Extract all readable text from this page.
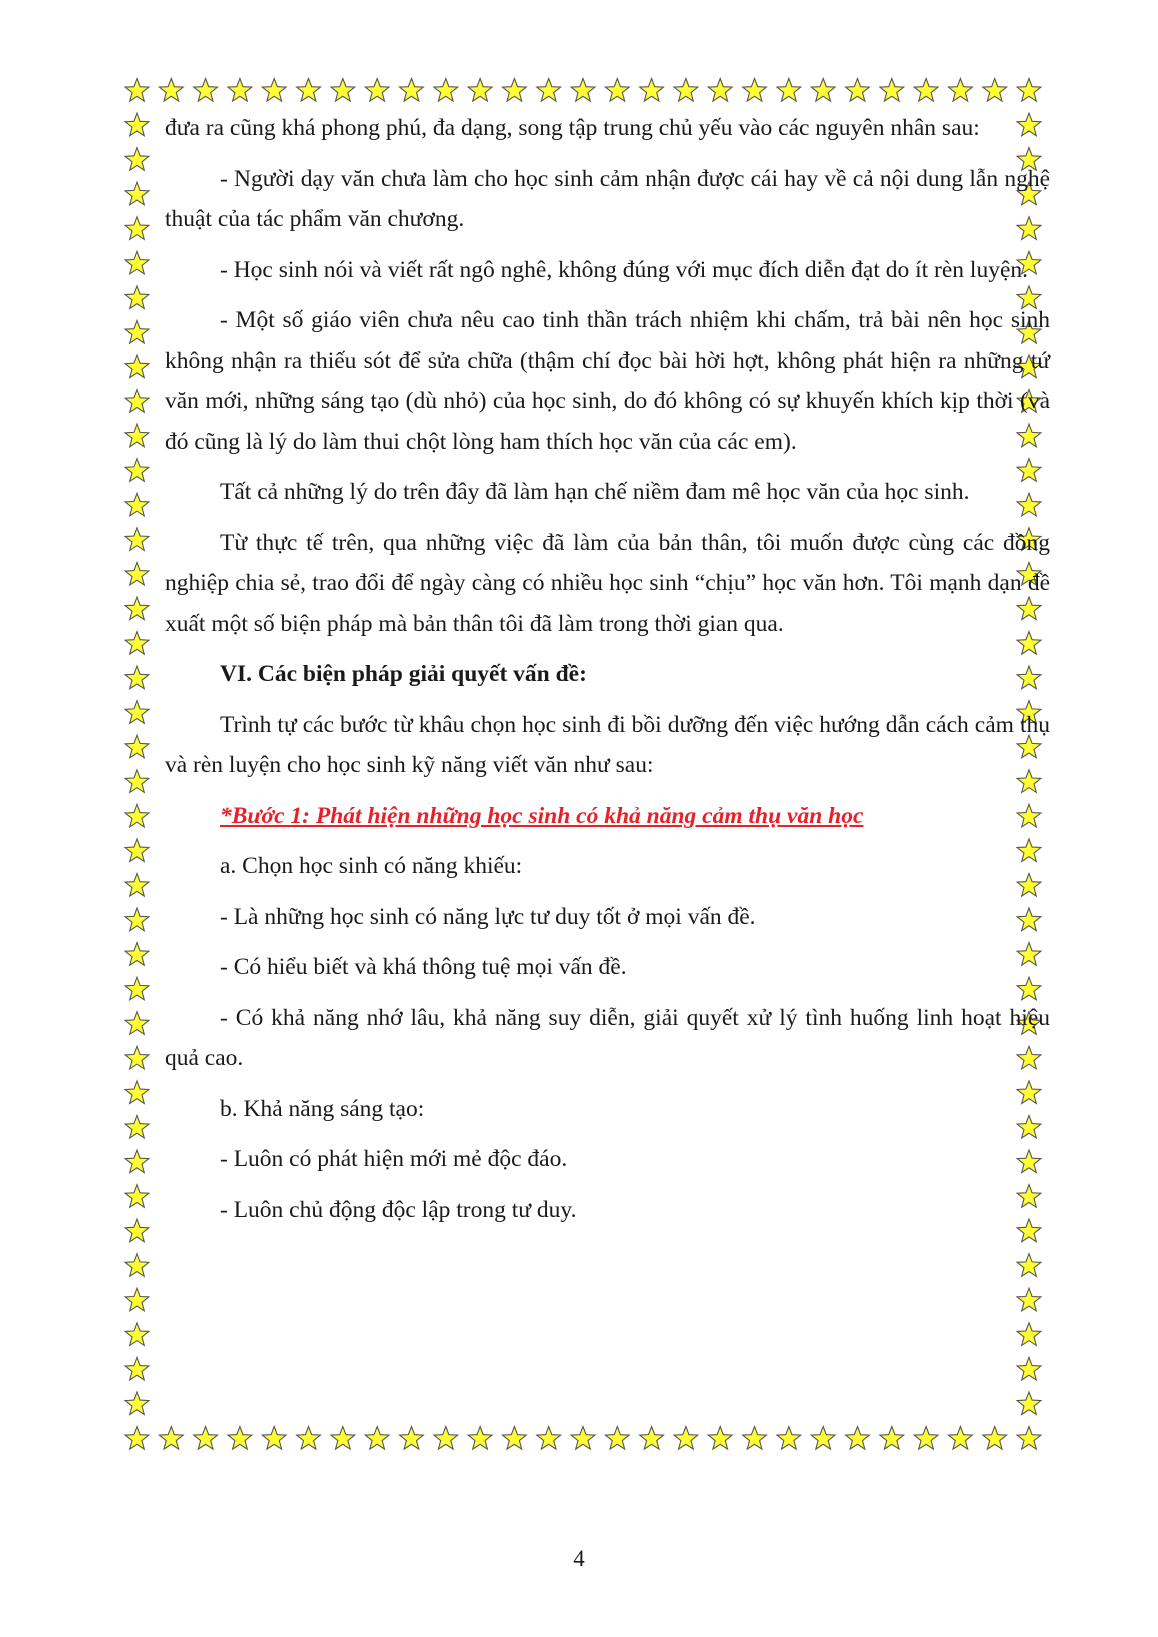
đưa ra cũng khá phong phú, đa dạng, song tập trung chủ yếu vào các nguyên nhân sau:

- Người dạy văn chưa làm cho học sinh cảm nhận được cái hay về cả nội dung lẫn nghệ thuật của tác phẩm văn chương.

- Học sinh nói và viết rất ngô nghê, không đúng với mục đích diễn đạt do ít rèn luyện.

- Một số giáo viên chưa nêu cao tinh thần trách nhiệm khi chấm, trả bài nên học sinh không nhận ra thiếu sót để sửa chữa (thậm chí đọc bài hời hợt, không phát hiện ra những tứ văn mới, những sáng tạo (dù nhỏ) của học sinh, do đó không có sự khuyến khích kịp thời (và đó cũng là lý do làm thui chột lòng ham thích học văn của các em).

Tất cả những lý do trên đây đã làm hạn chế niềm đam mê học văn của học sinh.

Từ thực tế trên, qua những việc đã làm của bản thân, tôi muốn được cùng các đồng nghiệp chia sẻ, trao đổi để ngày càng có nhiều học sinh “chịu” học văn hơn. Tôi mạnh dạn đề xuất một số biện pháp mà bản thân tôi đã làm trong thời gian qua.

VI. Các biện pháp giải quyết vấn đề:

Trình tự các bước từ khâu chọn học sinh đi bồi dưỡng đến việc hướng dẫn cách cảm thụ và rèn luyện cho học sinh kỹ năng viết văn như sau:

*Bước 1: Phát hiện những học sinh có khả năng cảm thụ văn học

a. Chọn học sinh có năng khiếu:

- Là những học sinh có năng lực tư duy tốt ở mọi vấn đề.

- Có hiểu biết và khá thông tuệ mọi vấn đề.

- Có khả năng nhớ lâu, khả năng suy diễn, giải quyết xử lý tình huống linh hoạt hiệu quả cao.

b. Khả năng sáng tạo:

- Luôn có phát hiện mới mẻ độc đáo.

- Luôn chủ động độc lập trong tư duy.

4
